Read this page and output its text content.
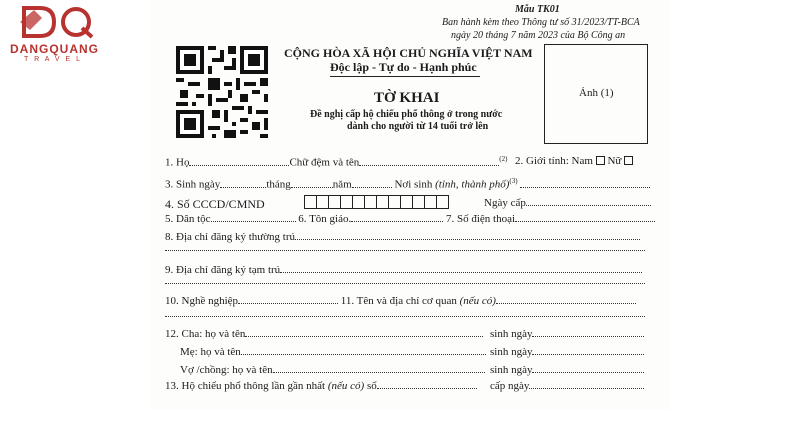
DANGQUANG
T R A V E L
Mẫu TK01
Ban hành kèm theo Thông tư số 31/2023/TT-BCA
ngày 20 tháng 7 năm 2023 của Bộ Công an
CỘNG HÒA XÃ HỘI CHỦ NGHĨA VIỆT NAM
Độc lập - Tự do - Hạnh phúc
Ảnh (1)
TỜ KHAI
Đề nghị cấp hộ chiếu phổ thông ở trong nước
dành cho người từ 14 tuổi trở lên
1. Họ	Chữ đệm và tên	$^{(2)}$ 2. Giới tính: Nam Nữ
3. Sinh ngày	tháng	năm	Nơi sinh (tỉnh, thành phố)$^{(3)}$
4. Số CCCD/CMND	Ngày cấp
5. Dân tộc	6. Tôn giáo.	7. Số điện thoại
8. Địa chỉ đăng ký thường trú
9. Địa chỉ đăng ký tạm trú
10. Nghề nghiệp	11. Tên và địa chỉ cơ quan (nếu có)
12. Cha: họ và tên	sinh ngày
Mẹ: họ và tên	sinh ngày
Vợ /chồng: họ và tên	sinh ngày
13. Hộ chiếu phổ thông lần gần nhất (nếu có) số	cấp ngày
